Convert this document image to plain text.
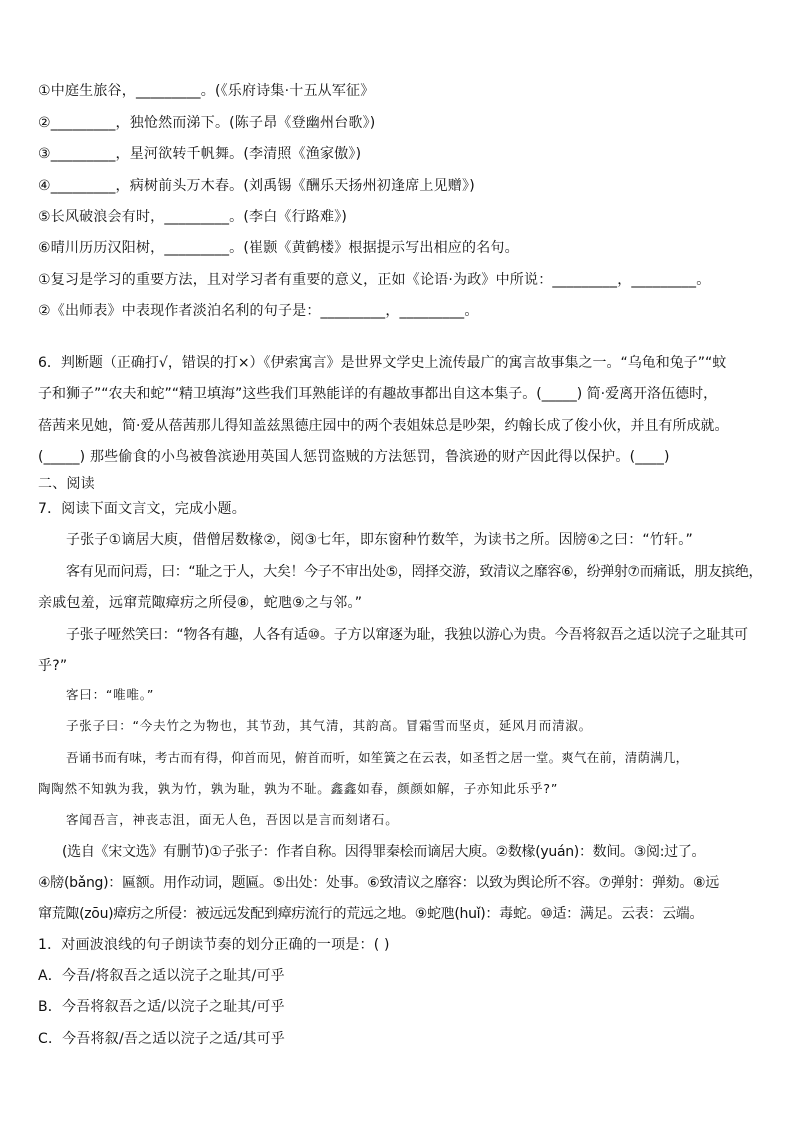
①中庭生旅谷，_________。(《乐府诗集·十五从军征》
②_________，独怆然而涕下。(陈子昂《登幽州台歌》)
③_________，星河欲转千帆舞。(李清照《渔家傲》)
④_________，病树前头万木春。(刘禹锡《酬乐天扬州初逢席上见赠》)
⑤长风破浪会有时，_________。(李白《行路难》)
⑥晴川历历汉阳树，_________。(崔颢《黄鹤楼》根据提示写出相应的名句。
①复习是学习的重要方法，且对学习者有重要的意义，正如《论语·为政》中所说：_________，_________。
②《出师表》中表现作者淡泊名利的句子是：_________，_________。
6．判断题（正确打√，错误的打×）《伊索寓言》是世界文学史上流传最广的寓言故事集之一。“乌龟和兔子”“蚊
子和狮子”“农夫和蛇”“精卫填海”这些我们耳熟能详的有趣故事都出自这本集子。(_____) 简·爱离开洛伍德时，
蓓茜来见她，简·爱从蓓茜那儿得知盖兹黑德庄园中的两个表姐妹总是吵架，约翰长成了俊小伙，并且有所成就。
(_____) 那些偷食的小鸟被鲁滨逊用英国人惩罚盗贼的方法惩罚，鲁滨逊的财产因此得以保护。(____)
二、阅读
7．阅读下面文言文，完成小题。
子张子①谪居大庾，借僧居数椽②，阅③七年，即东窗种竹数竿，为读书之所。因牓④之曰：“竹轩。”
客有见而问焉，曰：“耻之于人，大矣！今子不审出处⑤，罔择交游，致清议之靡容⑥，纷弹射⑦而痛诋，朋友摈绝，
亲戚包羞，远窜荒陬瘴疠之所侵⑧，蛇虺⑨之与邻。”
子张子哑然笑曰：“物各有趣，人各有适⑩。子方以窜逐为耻，我独以游心为贵。今吾将叙吾之适以浣子之耻其可
乎?”
客曰：“唯唯。”
子张子曰：“今夫竹之为物也，其节劲，其气清，其韵高。冒霜雪而坚贞，延风月而清淑。
吾诵书而有味，考古而有得，仰首而见，俯首而听，如笙簧之在云表，如圣哲之居一堂。爽气在前，清荫满几，
陶陶然不知孰为我，孰为竹，孰为耻，孰为不耻。鑫鑫如春，颜颜如解，子亦知此乐乎?”
客闻吾言，神丧志沮，面无人色，吾因以是言而刻诸石。
(选自《宋文选》有删节)①子张子：作者自称。因得罪秦桧而谪居大庾。②数椽(yuán)：数间。③阅:过了。
④牓(bǎng)：匾额。用作动词，题匾。⑤出处：处事。⑥致清议之靡容：以致为舆论所不容。⑦弹射：弹劾。⑧远
窜荒陬(zōu)瘴疠之所侵：被远远发配到瘴疠流行的荒远之地。⑨蛇虺(huǐ)：毒蛇。⑩适：满足。云表：云端。
1．对画波浪线的句子朗读节奏的划分正确的一项是：( )
A．今吾/将叙吾之适以浣子之耻其/可乎
B．今吾将叙吾之适/以浣子之耻其/可乎
C．今吾将叙/吾之适以浣子之适/其可乎
